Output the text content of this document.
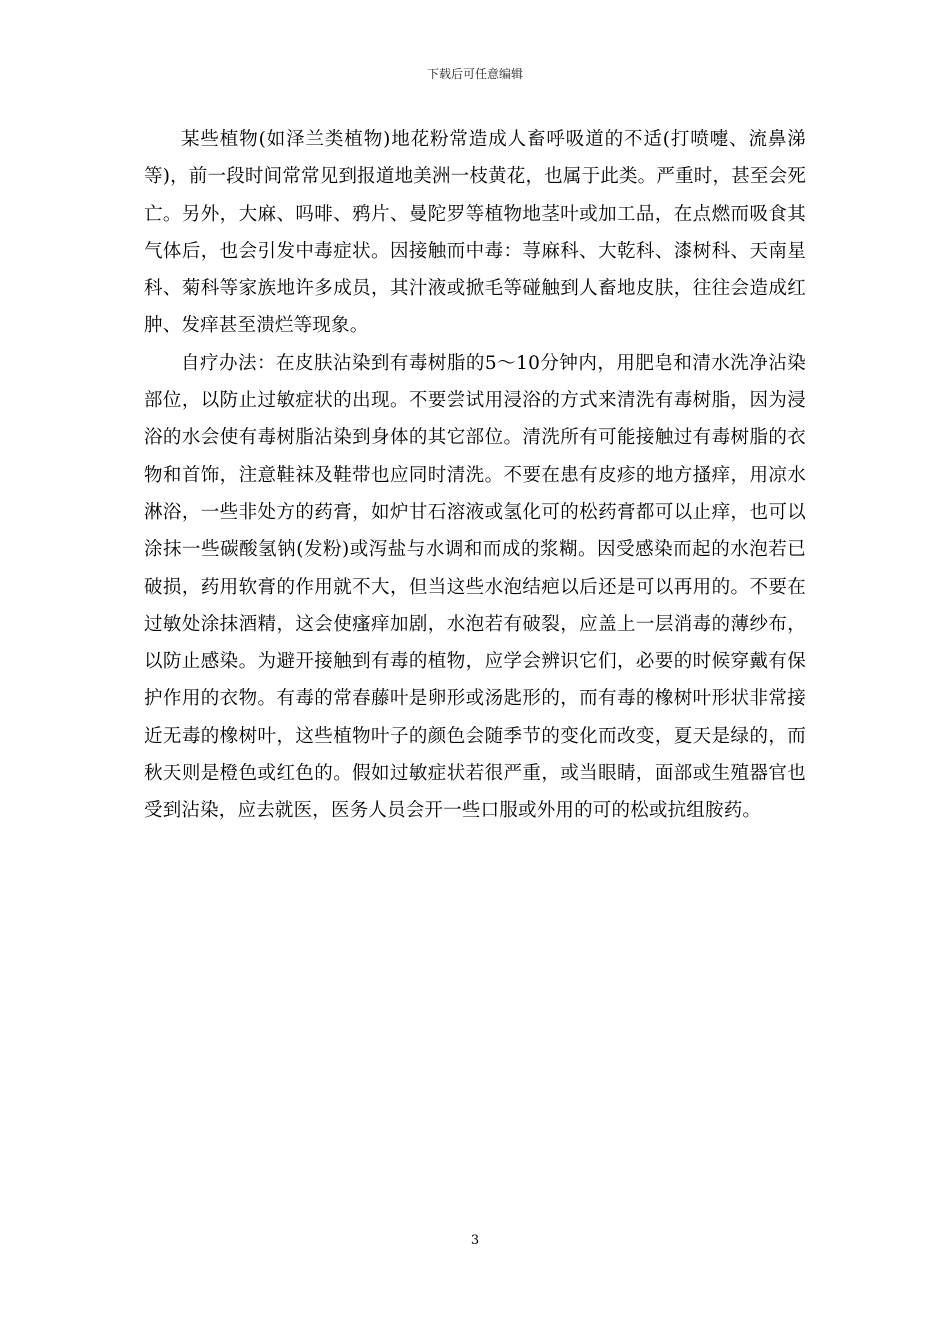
下载后可任意编辑

某些植物(如泽兰类植物)地花粉常造成人畜呼吸道的不适(打喷嚏、流鼻涕等)，前一段时间常常见到报道地美洲一枝黄花，也属于此类。严重时，甚至会死亡。另外，大麻、吗啡、鸦片、曼陀罗等植物地茎叶或加工品，在点燃而吸食其气体后，也会引发中毒症状。因接触而中毒：荨麻科、大乾科、漆树科、天南星科、菊科等家族地许多成员，其汁液或掀毛等碰触到人畜地皮肤，往往会造成红肿、发痒甚至溃烂等现象。

自疗办法：在皮肤沾染到有毒树脂的5～10分钟内，用肥皂和清水洗净沾染部位，以防止过敏症状的出现。不要尝试用浸浴的方式来清洗有毒树脂，因为浸浴的水会使有毒树脂沾染到身体的其它部位。清洗所有可能接触过有毒树脂的衣物和首饰，注意鞋袜及鞋带也应同时清洗。不要在患有皮疹的地方搔痒，用凉水淋浴，一些非处方的药膏，如炉甘石溶液或氢化可的松药膏都可以止痒，也可以涂抹一些碳酸氢钠(发粉)或泻盐与水调和而成的浆糊。因受感染而起的水泡若已破损，药用软膏的作用就不大，但当这些水泡结疤以后还是可以再用的。不要在过敏处涂抹酒精，这会使瘙痒加剧，水泡若有破裂，应盖上一层消毒的薄纱布，以防止感染。为避开接触到有毒的植物，应学会辨识它们，必要的时候穿戴有保护作用的衣物。有毒的常春藤叶是卵形或汤匙形的，而有毒的橡树叶形状非常接近无毒的橡树叶，这些植物叶子的颜色会随季节的变化而改变，夏天是绿的，而秋天则是橙色或红色的。假如过敏症状若很严重，或当眼睛，面部或生殖器官也受到沾染，应去就医，医务人员会开一些口服或外用的可的松或抗组胺药。

3
